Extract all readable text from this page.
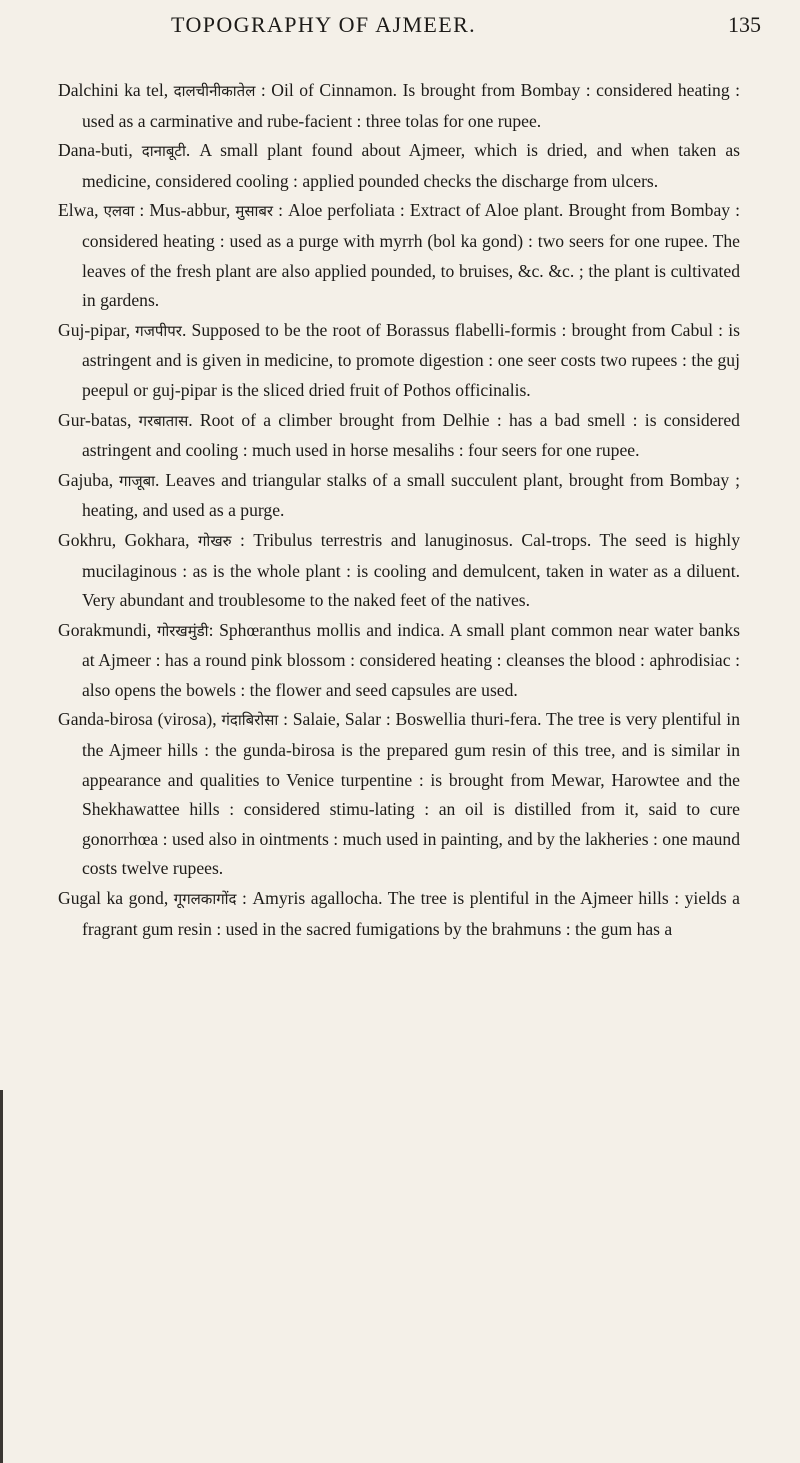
TOPOGRAPHY OF AJMEER.	135

Dalchini ka tel, दालचीनीकातेल : Oil of Cinnamon. Is brought from Bombay : considered heating : used as a carminative and rube-facient : three tolas for one rupee.

Dana-buti, दानाबूटी. A small plant found about Ajmeer, which is dried, and when taken as medicine, considered cooling : applied pounded checks the discharge from ulcers.

Elwa, एलवा : Mus-abbur, मुसाबर : Aloe perfoliata : Extract of Aloe plant. Brought from Bombay : considered heating : used as a purge with myrrh (bol ka gond) : two seers for one rupee. The leaves of the fresh plant are also applied pounded, to bruises, &c. &c. ; the plant is cultivated in gardens.

Guj-pipar, गजपीपर. Supposed to be the root of Borassus flabelli-formis : brought from Cabul : is astringent and is given in medicine, to promote digestion : one seer costs two rupees : the guj peepul or guj-pipar is the sliced dried fruit of Pothos officinalis.

Gur-batas, गरबातास. Root of a climber brought from Delhie : has a bad smell : is considered astringent and cooling : much used in horse mesalihs : four seers for one rupee.

Gajuba, गाजूबा. Leaves and triangular stalks of a small succulent plant, brought from Bombay ; heating, and used as a purge.

Gokhru, Gokhara, गोखरु : Tribulus terrestris and lanuginosus. Cal-trops. The seed is highly mucilaginous : as is the whole plant : is cooling and demulcent, taken in water as a diluent. Very abundant and troublesome to the naked feet of the natives.

Gorakmundi, गोरखमुंडी: Sphœranthus mollis and indica. A small plant common near water banks at Ajmeer : has a round pink blossom : considered heating : cleanses the blood : aphrodisiac : also opens the bowels : the flower and seed capsules are used.

Ganda-birosa (virosa), गंदाबिरोसा : Salaie, Salar : Boswellia thuri-fera. The tree is very plentiful in the Ajmeer hills : the gunda-birosa is the prepared gum resin of this tree, and is similar in appearance and qualities to Venice turpentine : is brought from Mewar, Harowtee and the Shekhawattee hills : considered stimu-lating : an oil is distilled from it, said to cure gonorrhœa : used also in ointments : much used in painting, and by the lakheries : one maund costs twelve rupees.

Gugal ka gond, गूगलकागोंद : Amyris agallocha. The tree is plentiful in the Ajmeer hills : yields a fragrant gum resin : used in the sacred fumigations by the brahmuns : the gum has a
